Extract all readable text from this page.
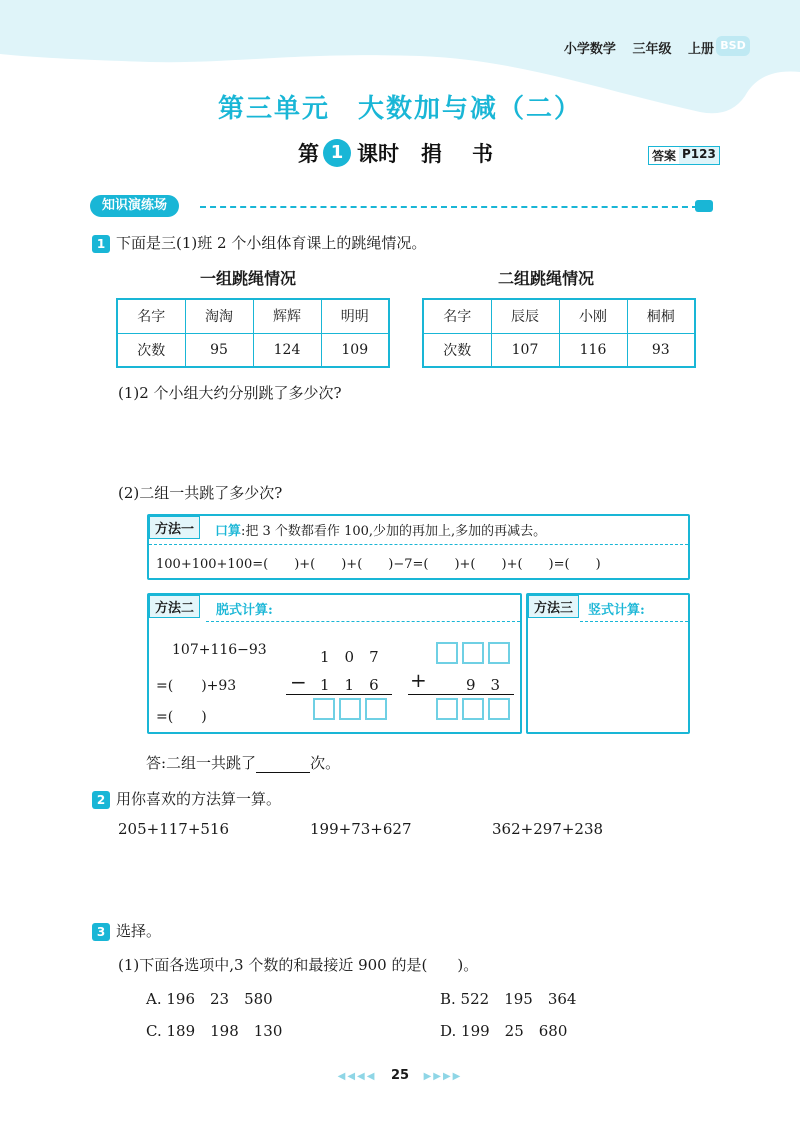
小学数学 三年级 上册 BSD
第三单元　大数加与减（二）
第 1 课时 捐书	答案 P123
知识演练场
1 下面是三(1)班 2 个小组体育课上的跳绳情况。
一组跳绳情况
名字	淘淘	辉辉	明明
次数	95	124	109
二组跳绳情况
名字	辰辰	小刚	桐桐
次数	107	116	93
(1)2 个小组大约分别跳了多少次?
(2)二组一共跳了多少次?
方法一	口算:把 3 个数都看作 100,少加的再加上,多加的再减去。
100+100+100=(　　)+(　　)+(　　)−7=(　　)+(　　)+(　　)=(　　)
方法二	脱式计算:
107+116−93
=(　　)+93
=(　　)
1　0　7
− 1　1　6 +	9　3
方法三	竖式计算:
答:二组一共跳了	次。
2 用你喜欢的方法算一算。
205+117+516	199+73+627	362+297+238
3 选择。
(1)下面各选项中,3 个数的和最接近 900 的是(　　)。
A. 196　23　580	B. 522　195　364
C. 189　198　130	D. 199　25　680
◀◀◀◀ 25 ▶▶▶▶
